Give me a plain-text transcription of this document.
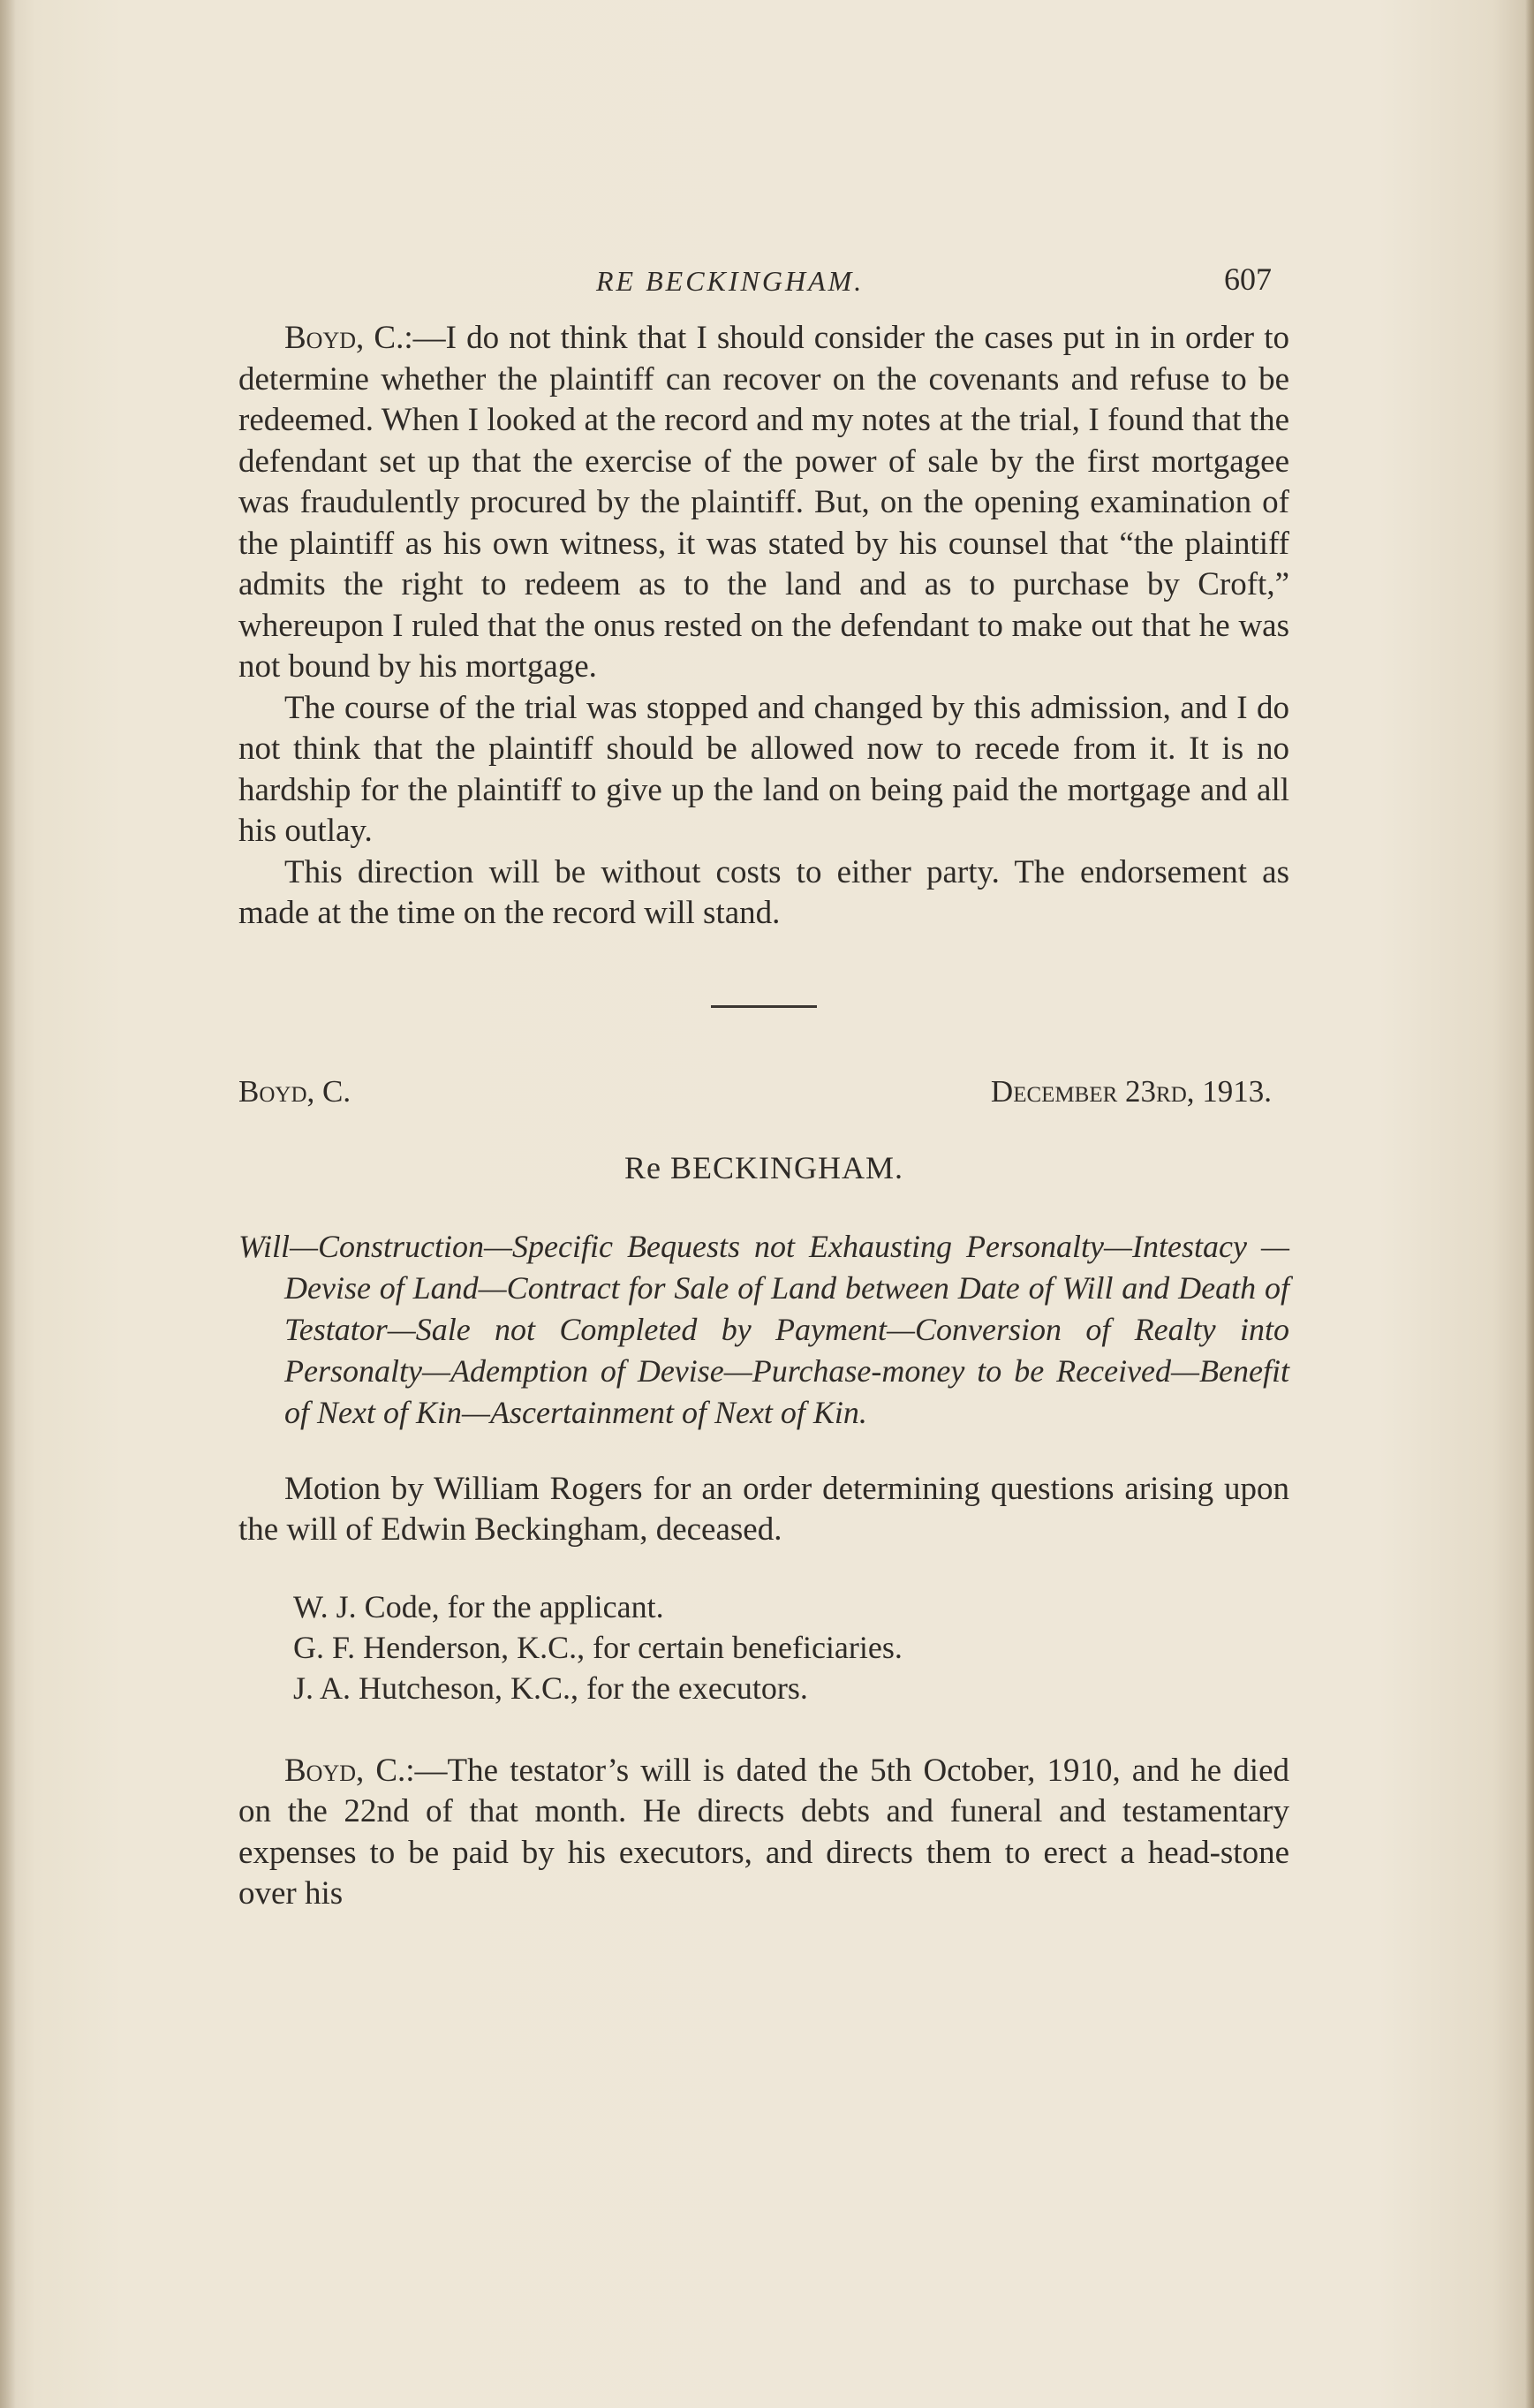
RE BECKINGHAM.	607

Boyd, C.:—I do not think that I should consider the cases put in in order to determine whether the plaintiff can recover on the covenants and refuse to be redeemed. When I looked at the record and my notes at the trial, I found that the defendant set up that the exercise of the power of sale by the first mortgagee was fraudulently procured by the plaintiff. But, on the opening examination of the plaintiff as his own witness, it was stated by his counsel that “the plaintiff admits the right to redeem as to the land and as to purchase by Croft,” whereupon I ruled that the onus rested on the defendant to make out that he was not bound by his mortgage.

The course of the trial was stopped and changed by this admission, and I do not think that the plaintiff should be allowed now to recede from it. It is no hardship for the plaintiff to give up the land on being paid the mortgage and all his outlay.

This direction will be without costs to either party. The endorsement as made at the time on the record will stand.

Boyd, C.	December 23rd, 1913.
Re BECKINGHAM.

Will—Construction—Specific Bequests not Exhausting Personalty—Intestacy — Devise of Land—Contract for Sale of Land between Date of Will and Death of Testator—Sale not Completed by Payment—Conversion of Realty into Personalty—Ademption of Devise—Purchase-money to be Received—Benefit of Next of Kin—Ascertainment of Next of Kin.

Motion by William Rogers for an order determining questions arising upon the will of Edwin Beckingham, deceased.

W. J. Code, for the applicant.
G. F. Henderson, K.C., for certain beneficiaries.
J. A. Hutcheson, K.C., for the executors.

Boyd, C.:—The testator’s will is dated the 5th October, 1910, and he died on the 22nd of that month. He directs debts and funeral and testamentary expenses to be paid by his executors, and directs them to erect a head-stone over his
